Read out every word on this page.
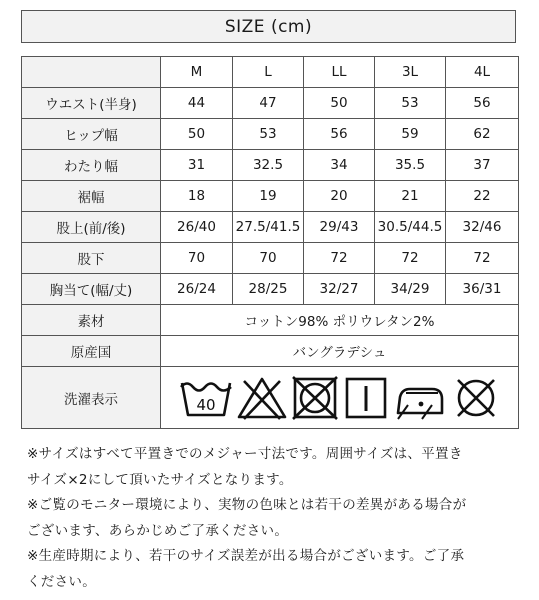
SIZE (cm)
	M	L	LL	3L	4L
ウエスト(半身)	44	47	50	53	56
ヒップ幅	50	53	56	59	62
わたり幅	31	32.5	34	35.5	37
裾幅	18	19	20	21	22
股上(前/後)	26/40	27.5/41.5	29/43	30.5/44.5	32/46
股下	70	70	72	72	72
胸当て(幅/丈)	26/24	28/25	32/27	34/29	36/31
素材	コットン98% ポリウレタン2%				
原産国	バングラデシュ				
洗濯表示	40				

※サイズはすべて平置きでのメジャー寸法です。周囲サイズは、平置き

サイズ×2にして頂いたサイズとなります。

※ご覧のモニター環境により、実物の色味とは若干の差異がある場合が

ございます、あらかじめご了承ください。

※生産時期により、若干のサイズ誤差が出る場合がございます。ご了承

ください。
